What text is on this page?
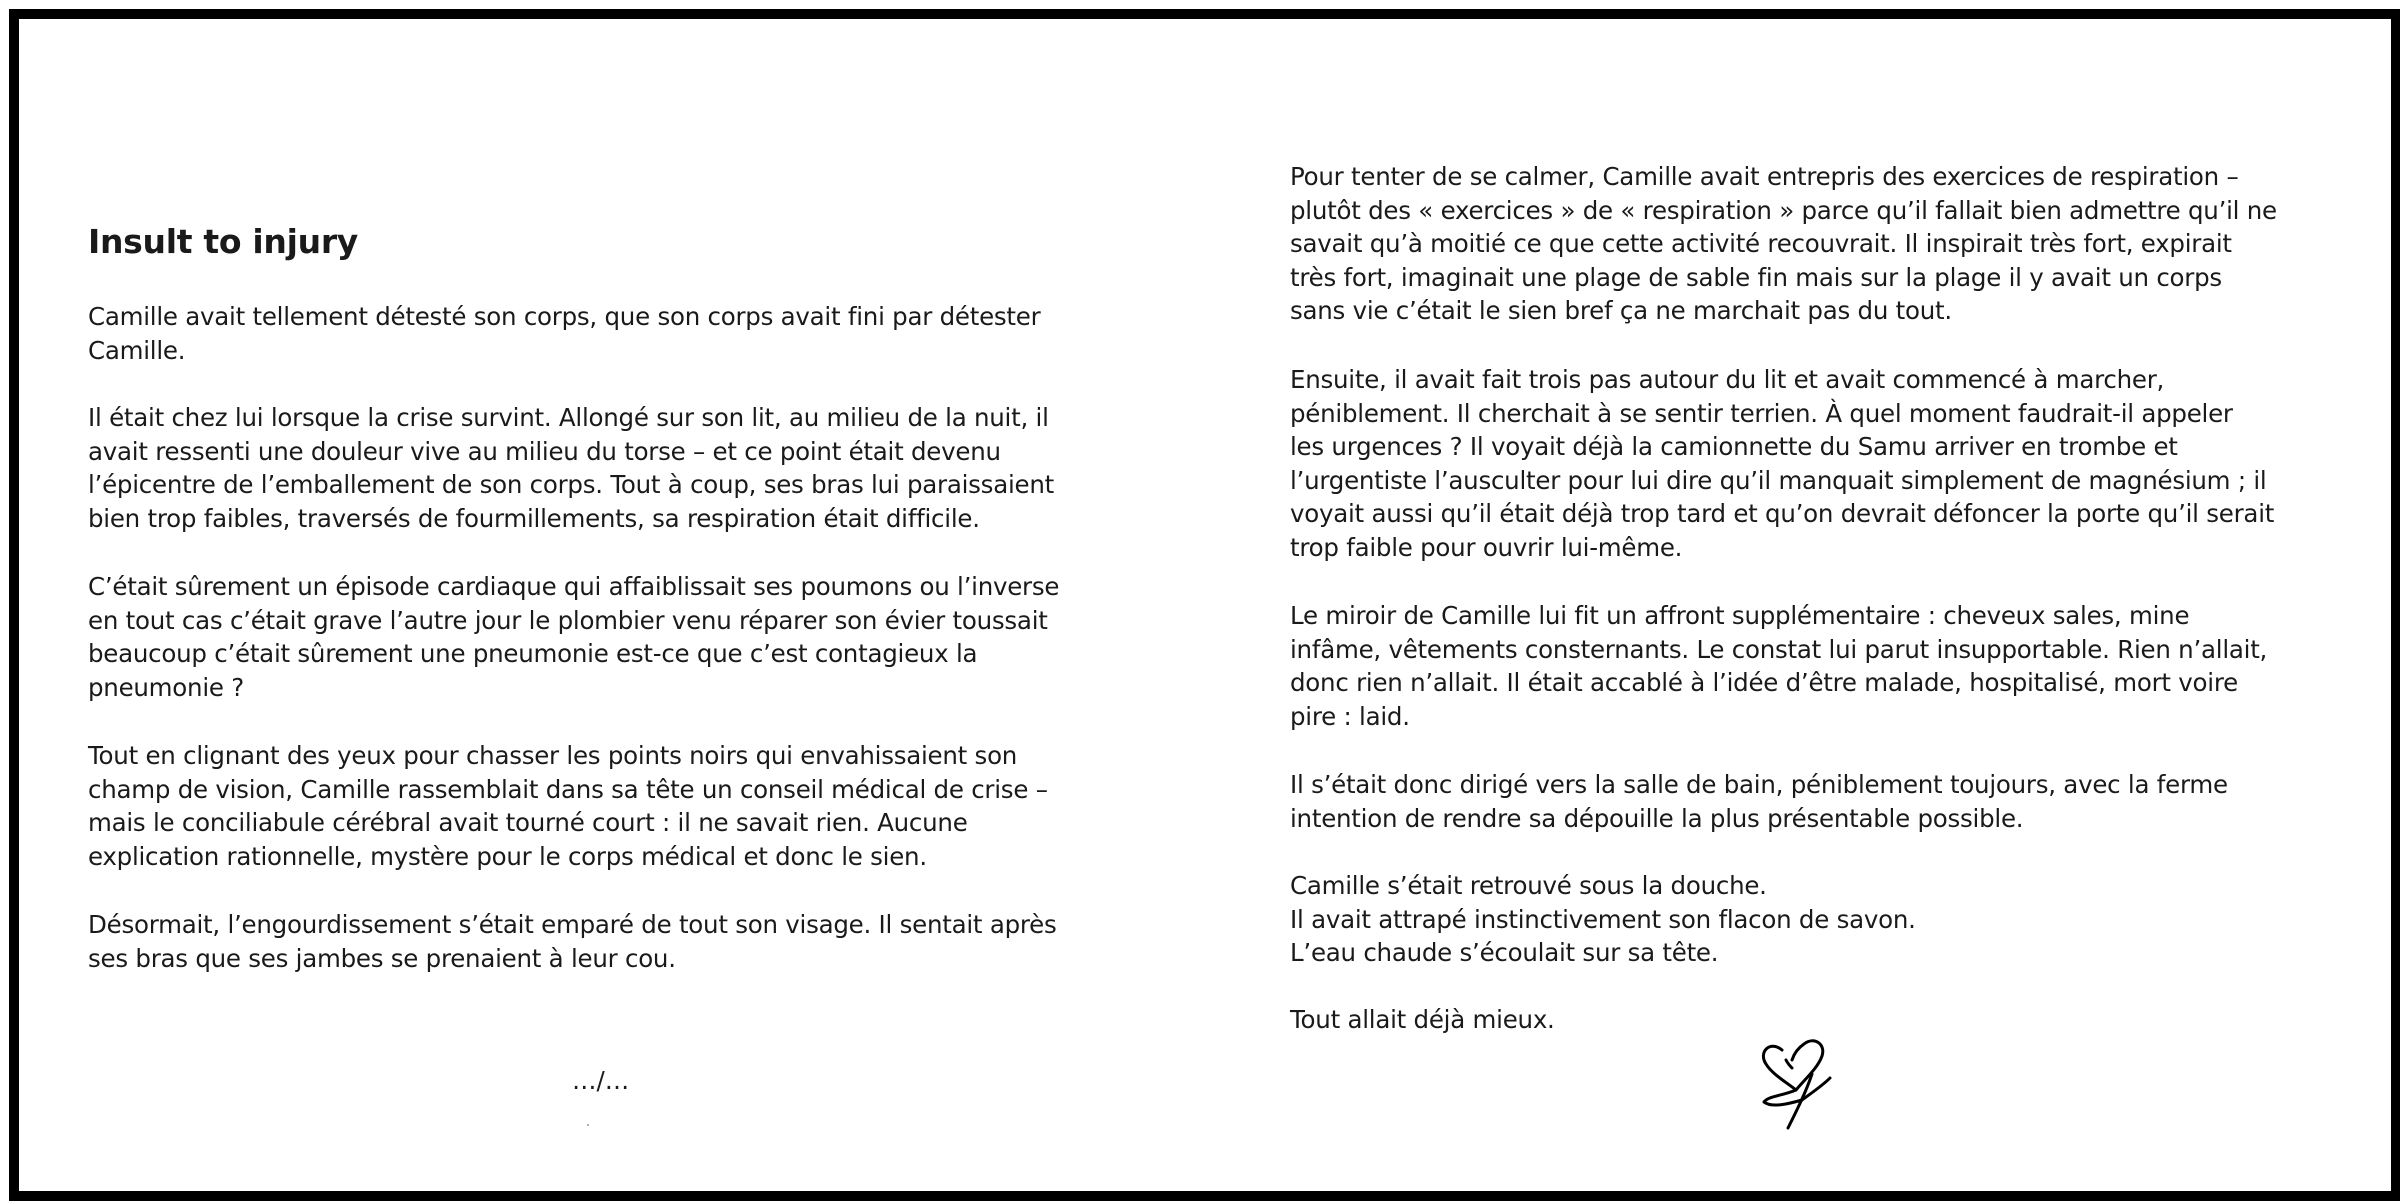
Insult to injury

Camille avait tellement détesté son corps, que son corps avait fini par détester
Camille.

Il était chez lui lorsque la crise survint. Allongé sur son lit, au milieu de la nuit, il
avait ressenti une douleur vive au milieu du torse – et ce point était devenu
l’épicentre de l’emballement de son corps. Tout à coup, ses bras lui paraissaient
bien trop faibles, traversés de fourmillements, sa respiration était difficile.

C’était sûrement un épisode cardiaque qui affaiblissait ses poumons ou l’inverse
en tout cas c’était grave l’autre jour le plombier venu réparer son évier toussait
beaucoup c’était sûrement une pneumonie est-ce que c’est contagieux la
pneumonie ?

Tout en clignant des yeux pour chasser les points noirs qui envahissaient son
champ de vision, Camille rassemblait dans sa tête un conseil médical de crise –
mais le conciliabule cérébral avait tourné court : il ne savait rien. Aucune
explication rationnelle, mystère pour le corps médical et donc le sien.

Désormait, l’engourdissement s’était emparé de tout son visage. Il sentait après
ses bras que ses jambes se prenaient à leur cou.

…/…

Pour tenter de se calmer, Camille avait entrepris des exercices de respiration –
plutôt des « exercices » de « respiration » parce qu’il fallait bien admettre qu’il ne
savait qu’à moitié ce que cette activité recouvrait. Il inspirait très fort, expirait
très fort, imaginait une plage de sable fin mais sur la plage il y avait un corps
sans vie c’était le sien bref ça ne marchait pas du tout.

Ensuite, il avait fait trois pas autour du lit et avait commencé à marcher,
péniblement. Il cherchait à se sentir terrien. À quel moment faudrait-il appeler
les urgences ? Il voyait déjà la camionnette du Samu arriver en trombe et
l’urgentiste l’ausculter pour lui dire qu’il manquait simplement de magnésium ; il
voyait aussi qu’il était déjà trop tard et qu’on devrait défoncer la porte qu’il serait
trop faible pour ouvrir lui-même.

Le miroir de Camille lui fit un affront supplémentaire : cheveux sales, mine
infâme, vêtements consternants. Le constat lui parut insupportable. Rien n’allait,
donc rien n’allait. Il était accablé à l’idée d’être malade, hospitalisé, mort voire
pire : laid.

Il s’était donc dirigé vers la salle de bain, péniblement toujours, avec la ferme
intention de rendre sa dépouille la plus présentable possible.

Camille s’était retrouvé sous la douche.
Il avait attrapé instinctivement son flacon de savon.
L’eau chaude s’écoulait sur sa tête.

Tout allait déjà mieux.
